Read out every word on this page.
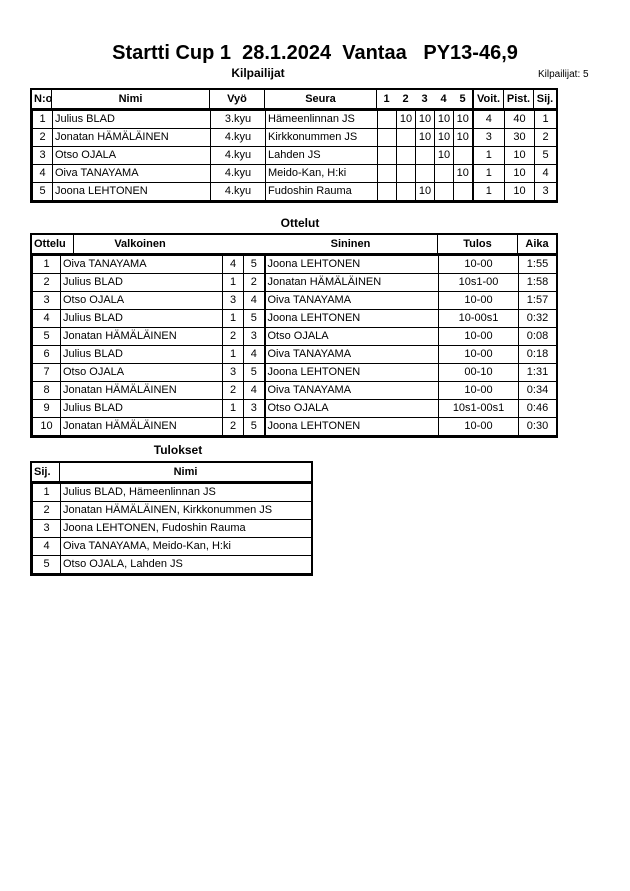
Startti Cup 1  28.1.2024  Vantaa   PY13-46,9
Kilpailijat	Kilpailijat: 5
N:o	Nimi	Vyö	Seura	1	2	3	4	5	Voit. Pist. Sij.
1	Julius BLAD	3.kyu	Hämeenlinnan JS		10	10	10	10	4	40	1
2	Jonatan HÄMÄLÄINEN	4.kyu	Kirkkonummen JS			10	10	10	3	30	2
3	Otso OJALA	4.kyu	Lahden JS				10		1	10	5
4	Oiva TANAYAMA	4.kyu	Meido-Kan, H:ki					10	1	10	4
5	Joona LEHTONEN	4.kyu	Fudoshin Rauma			10			1	10	3
Ottelut
Ottelu	Valkoinen	Sininen	Tulos	Aika
1	Oiva TANAYAMA	4	5	Joona LEHTONEN	10-00	1:55
2	Julius BLAD	1	2	Jonatan HÄMÄLÄINEN	10s1-00	1:58
3	Otso OJALA	3	4	Oiva TANAYAMA	10-00	1:57
4	Julius BLAD	1	5	Joona LEHTONEN	10-00s1	0:32
5	Jonatan HÄMÄLÄINEN	2	3	Otso OJALA	10-00	0:08
6	Julius BLAD	1	4	Oiva TANAYAMA	10-00	0:18
7	Otso OJALA	3	5	Joona LEHTONEN	00-10	1:31
8	Jonatan HÄMÄLÄINEN	2	4	Oiva TANAYAMA	10-00	0:34
9	Julius BLAD	1	3	Otso OJALA	10s1-00s1	0:46
10	Jonatan HÄMÄLÄINEN	2	5	Joona LEHTONEN	10-00	0:30
Tulokset
Sij.	Nimi
1	Julius BLAD, Hämeenlinnan JS
2	Jonatan HÄMÄLÄINEN, Kirkkonummen JS
3	Joona LEHTONEN, Fudoshin Rauma
4	Oiva TANAYAMA, Meido-Kan, H:ki
5	Otso OJALA, Lahden JS
